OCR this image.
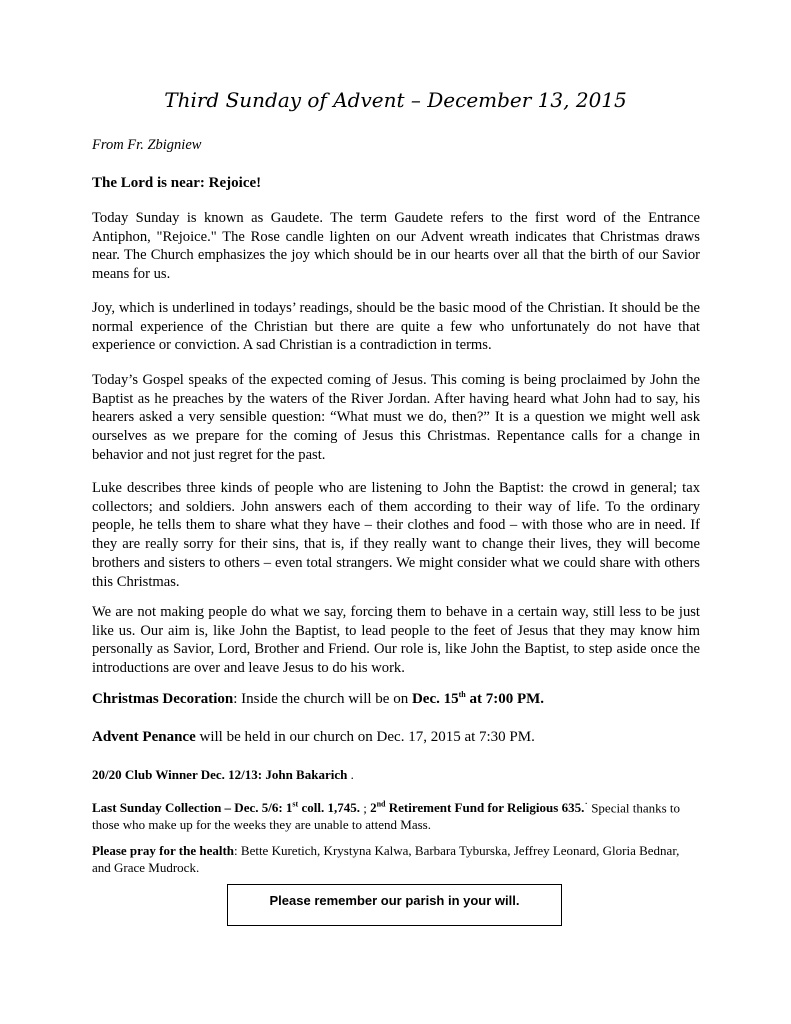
Third Sunday of Advent – December 13, 2015
From Fr. Zbigniew
The Lord is near: Rejoice!

Today Sunday is known as Gaudete. The term Gaudete refers to the first word of the Entrance Antiphon, "Rejoice." The Rose candle lighten on our Advent wreath indicates that Christmas draws near. The Church emphasizes the joy which should be in our hearts over all that the birth of our Savior means for us.

Joy, which is underlined in todays’ readings, should be the basic mood of the Christian. It should be the normal experience of the Christian but there are quite a few who unfortunately do not have that experience or conviction. A sad Christian is a contradiction in terms.

Today’s Gospel speaks of the expected coming of Jesus. This coming is being proclaimed by John the Baptist as he preaches by the waters of the River Jordan. After having heard what John had to say, his hearers asked a very sensible question: “What must we do, then?” It is a question we might well ask ourselves as we prepare for the coming of Jesus this Christmas. Repentance calls for a change in behavior and not just regret for the past.

Luke describes three kinds of people who are listening to John the Baptist: the crowd in general; tax collectors; and soldiers. John answers each of them according to their way of life. To the ordinary people, he tells them to share what they have – their clothes and food – with those who are in need. If they are really sorry for their sins, that is, if they really want to change their lives, they will become brothers and sisters to others – even total strangers. We might consider what we could share with others this Christmas.

We are not making people do what we say, forcing them to behave in a certain way, still less to be just like us. Our aim is, like John the Baptist, to lead people to the feet of Jesus that they may know him personally as Savior, Lord, Brother and Friend. Our role is, like John the Baptist, to step aside once the introductions are over and leave Jesus to do his work.

Christmas Decoration: Inside the church will be on Dec. 15th at 7:00 PM.
Advent Penance will be held in our church on Dec. 17, 2015 at 7:30 PM.
20/20 Club Winner Dec. 12/13: John Bakarich .
Last Sunday Collection – Dec. 5/6: 1st coll. 1,745. ; 2nd Retirement Fund for Religious 635.· Special thanks to those who make up for the weeks they are unable to attend Mass.
Please pray for the health: Bette Kuretich, Krystyna Kalwa, Barbara Tyburska, Jeffrey Leonard, Gloria Bednar, and Grace Mudrock.
Please remember our parish in your will.
